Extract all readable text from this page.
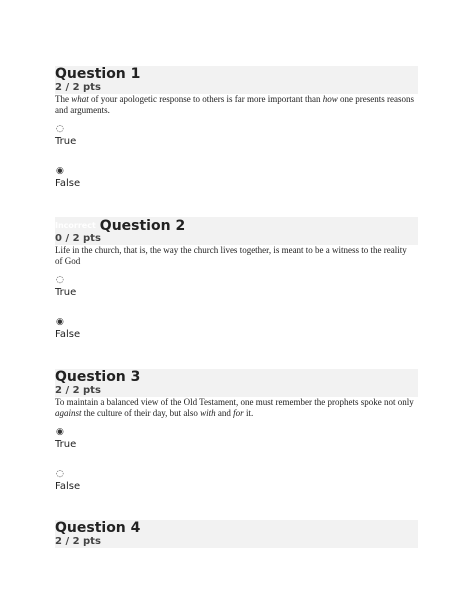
Question 1
2 / 2 pts
The what of your apologetic response to others is far more important than how one presents reasons and arguments.
◌
True
◉
False
Incorrect Question 2
0 / 2 pts
Life in the church, that is, the way the church lives together, is meant to be a witness to the reality of God
◌
True
◉
False
Question 3
2 / 2 pts
To maintain a balanced view of the Old Testament, one must remember the prophets spoke not only against the culture of their day, but also with and for it.
◉
True
◌
False
Question 4
2 / 2 pts
